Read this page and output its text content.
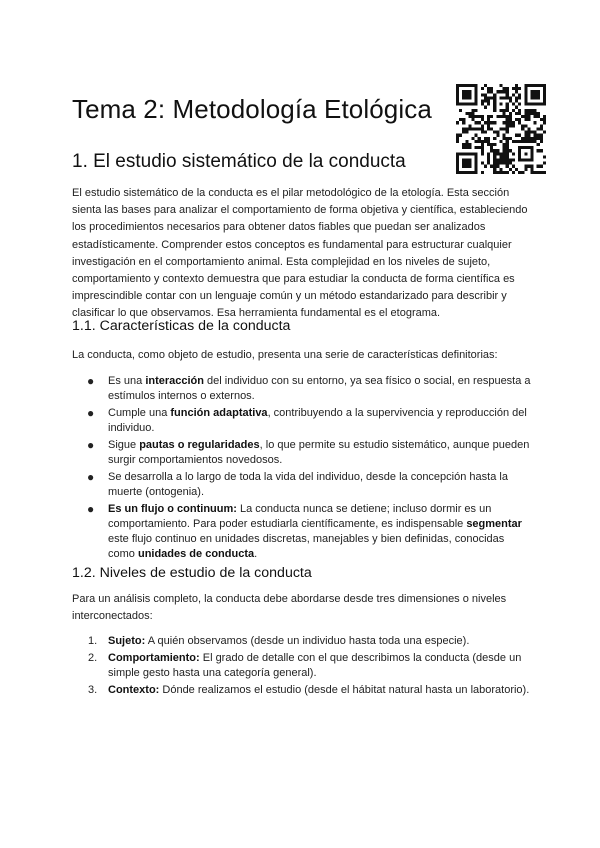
Tema 2: Metodología Etológica
1. El estudio sistemático de la conducta

El estudio sistemático de la conducta es el pilar metodológico de la etología. Esta sección sienta las bases para analizar el comportamiento de forma objetiva y científica, estableciendo los procedimientos necesarios para obtener datos fiables que puedan ser analizados estadísticamente. Comprender estos conceptos es fundamental para estructurar cualquier investigación en el comportamiento animal. Esta complejidad en los niveles de sujeto, comportamiento y contexto demuestra que para estudiar la conducta de forma científica es imprescindible contar con un lenguaje común y un método estandarizado para describir y clasificar lo que observamos. Esa herramienta fundamental es el etograma.

1.1. Características de la conducta

La conducta, como objeto de estudio, presenta una serie de características definitorias:

● Es una interacción del individuo con su entorno, ya sea físico o social, en respuesta a estímulos internos o externos.
● Cumple una función adaptativa, contribuyendo a la supervivencia y reproducción del individuo.
● Sigue pautas o regularidades, lo que permite su estudio sistemático, aunque pueden surgir comportamientos novedosos.
● Se desarrolla a lo largo de toda la vida del individuo, desde la concepción hasta la muerte (ontogenia).
● Es un flujo o continuum: La conducta nunca se detiene; incluso dormir es un comportamiento. Para poder estudiarla científicamente, es indispensable segmentar este flujo continuo en unidades discretas, manejables y bien definidas, conocidas como unidades de conducta.
1.2. Niveles de estudio de la conducta

Para un análisis completo, la conducta debe abordarse desde tres dimensiones o niveles interconectados:

1. Sujeto: A quién observamos (desde un individuo hasta toda una especie).
2. Comportamiento: El grado de detalle con el que describimos la conducta (desde un simple gesto hasta una categoría general).
3. Contexto: Dónde realizamos el estudio (desde el hábitat natural hasta un laboratorio).
